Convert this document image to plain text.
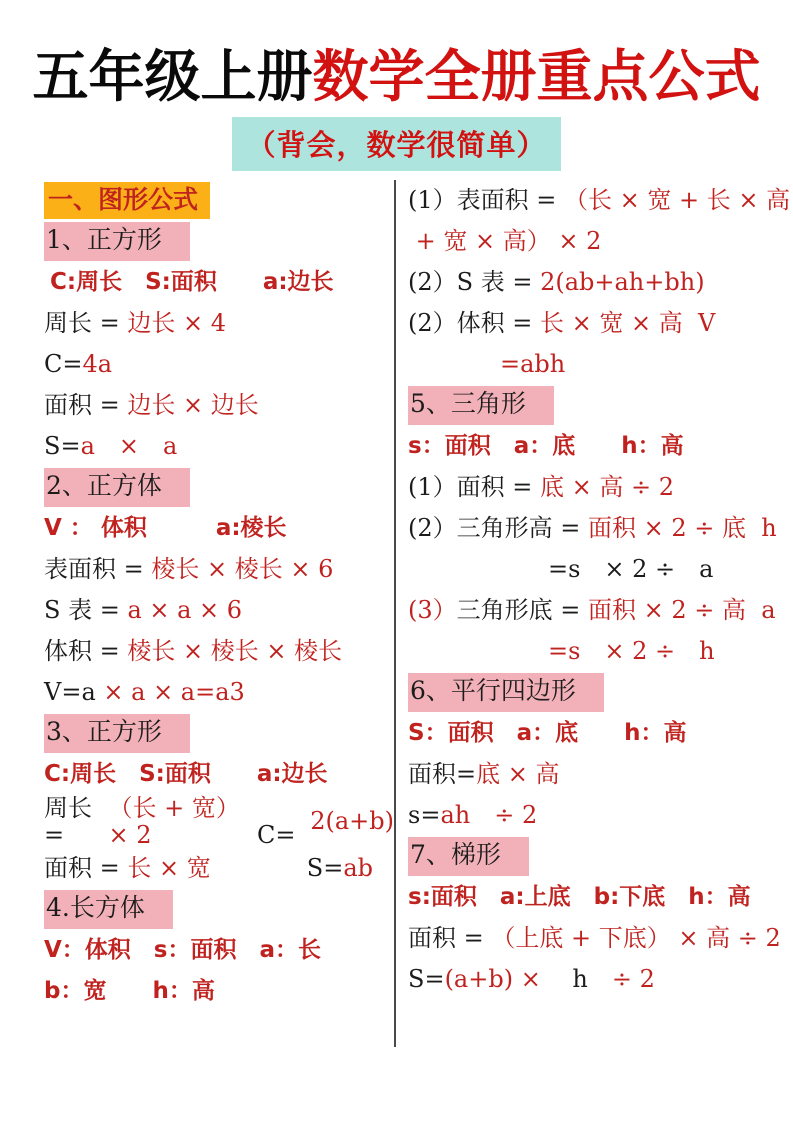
五年级上册数学全册重点公式
（背会，数学很简单）
一、图形公式
1、正方形
C:周长　S:面积　　a:边长
周长 = 边长 × 4
C= 4a
面积 = 边长 × 边长
S= a　×　a
2、正方体
V ： 体积　　　a:棱长
表面积 = 棱长 × 棱长 × 6
S 表 = a × a × 6
体积 = 棱长 × 棱长 × 棱长
V=a × a × a=a3
3、正方形
C:周长　S:面积　　a:边长
周长 =
（长 + 宽）× 2
　C= 2(a+b)
面积 = 长 × 宽 　　　　S= ab
4.长方体
V：体积　s：面积　a：长
b：宽　　h：高
(1）表面积 = （长 × 宽 + 长 × 高
+ 宽 × 高） × 2
(2）S 表 = 2(ab+ah+bh)
(2）体积 = 长 × 宽 × 高  V
=abh
5、三角形
s：面积　a：底　　h：高
(1）面积 = 底 × 高 ÷ 2
(2）三角形高 = 面积 × 2 ÷ 底  h
=s　× 2 ÷　a
(3） 三角形底 = 面积 × 2 ÷ 高  a
=s　× 2 ÷　h
6、平行四边形
S：面积　a：底　　h：高
面积= 底 × 高
s= ah　÷ 2
7、梯形
s:面积　a:上底　b:下底　h：高
面积 = （上底 + 下底） × 高 ÷ 2
S= (a+b) × 　h　 ÷ 2
